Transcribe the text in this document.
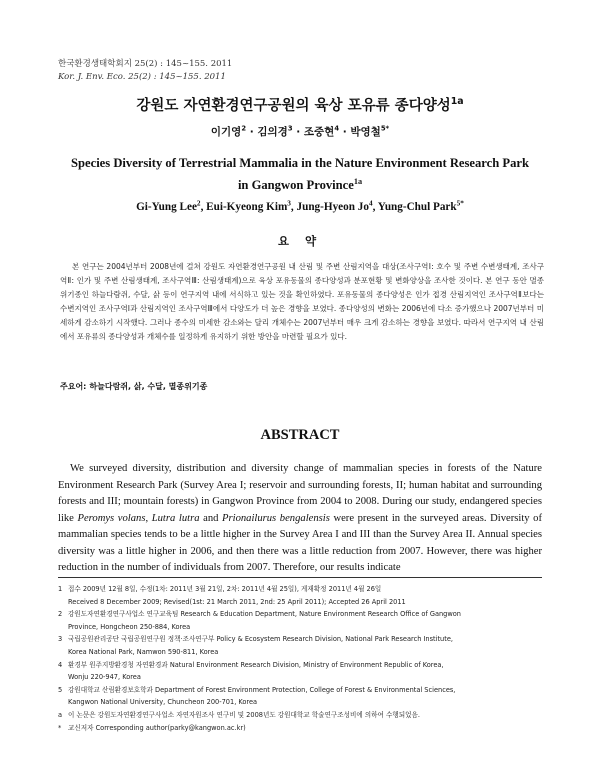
한국환경생태학회지 25(2) : 145~155. 2011
Kor. J. Env. Eco. 25(2) : 145~155. 2011
강원도 자연환경연구공원의 육상 포유류 종다양성$^{1a}$
이기영$^2$ · 김의경$^3$ · 조중현$^4$ · 박영철$^{5*}$
Species Diversity of Terrestrial Mammalia in the Nature Environment Research Park
in Gangwon Province$^{1a}$
Gi-Yung Lee$^2$, Eui-Kyeong Kim$^3$, Jung-Hyeon Jo$^4$, Yung-Chul Park$^{5*}$
요 약
본 연구는 2004년부터 2008년에 걸쳐 강원도 자연환경연구공원 내 산림 및 주변 산림지역을 대상(조사구역Ⅰ: 호수 및 주변 수변생태계, 조사구역Ⅱ: 인가 및 주변 산림생태계, 조사구역Ⅲ: 산림생태계)으로 육상 포유동물의 종다양성과 분포현황 및 변화양상을 조사한 것이다. 본 연구 동안 멸종위기종인 하늘다람쥐, 수달, 삵 등이 연구지역 내에 서식하고 있는 것을 확인하였다. 포유동물의 종다양성은 인가 접경 산림지역인 조사구역Ⅱ보다는 수변지역인 조사구역Ⅰ과 산림지역인 조사구역Ⅲ에서 다양도가 더 높은 경향을 보였다. 종다양성의 변화는 2006년에 다소 증가했으나 2007년부터 미세하게 감소하기 시작했다. 그러나 종수의 미세한 감소와는 달리 개체수는 2007년부터 매우 크게 감소하는 경향을 보였다. 따라서 연구지역 내 산림에서 포유류의 종다양성과 개체수를 일정하게 유지하기 위한 방안을 마련할 필요가 있다.
주요어: 하늘다람쥐, 삵, 수달, 멸종위기종
ABSTRACT
We surveyed diversity, distribution and diversity change of mammalian species in forests of the Nature Environment Research Park (Survey Area I; reservoir and surrounding forests, II; human habitat and surrounding forests and III; mountain forests) in Gangwon Province from 2004 to 2008. During our study, endangered species like Peromys volans, Lutra lutra and Prionailurus bengalensis were present in the surveyed areas. Diversity of mammalian species tends to be a little higher in the Survey Area I and III than the Survey Area II. Annual species diversity was a little higher in 2006, and then there was a little reduction from 2007. However, there was higher reduction in the number of individuals from 2007. Therefore, our results indicate
1 접수 2009년 12월 8일, 수정(1차: 2011년 3월 21일, 2차: 2011년 4월 25일), 게재확정 2011년 4월 26일
Received 8 December 2009; Revised(1st: 21 March 2011, 2nd: 25 April 2011); Accepted 26 April 2011
2 강원도자연환경연구사업소 연구교육팀 Research & Education Department, Nature Environment Research Office of Gangwon
Province, Hongcheon 250-884, Korea
3 국립공원관리공단 국립공원연구원 정책·조사연구부 Policy & Ecosystem Research Division, National Park Research Institute,
Korea National Park, Namwon 590-811, Korea
4 환경부 원주지방환경청 자연환경과 Natural Environment Research Division, Ministry of Environment Republic of Korea,
Wonju 220-947, Korea
5 강원대학교 산림환경보호학과 Department of Forest Environment Protection, College of Forest & Environmental Sciences,
Kangwon National University, Chuncheon 200-701, Korea
a 이 논문은 강원도자연환경연구사업소 자연자원조사 연구비 및 2008년도 강원대학교 학술연구조성비에 의하여 수행되었음.
* 교신저자 Corresponding author(parky@kangwon.ac.kr)
